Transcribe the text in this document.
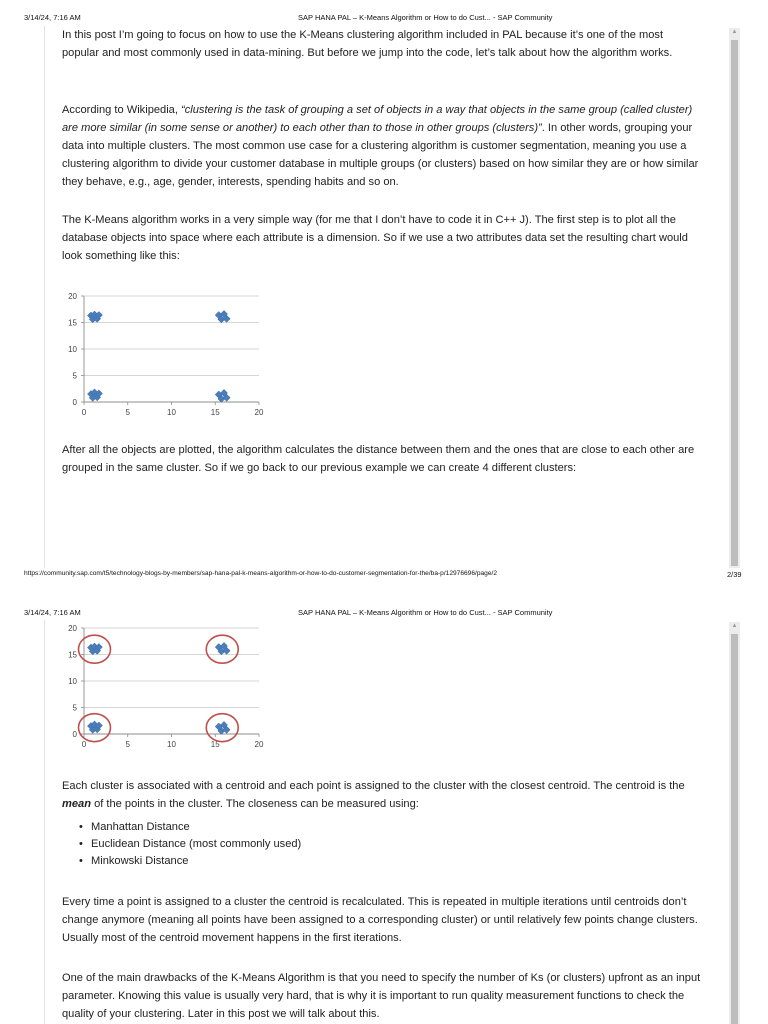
3/14/24, 7:16 AM	SAP HANA PAL – K-Means Algorithm or How to do Cust... - SAP Community
▲
In this post I’m going to focus on how to use the K-Means clustering algorithm included in PAL because it’s one of the most popular and most commonly used in data-mining. But before we jump into the code, let’s talk about how the algorithm works.
According to Wikipedia, “clustering is the task of grouping a set of objects in a way that objects in the same group (called cluster) are more similar (in some sense or another) to each other than to those in other groups (clusters)”. In other words, grouping your data into multiple clusters. The most common use case for a clustering algorithm is customer segmentation, meaning you use a clustering algorithm to divide your customer database in multiple groups (or clusters) based on how similar they are or how similar they behave, e.g., age, gender, interests, spending habits and so on.
The K-Means algorithm works in a very simple way (for me that I don’t have to code it in C++ J). The first step is to plot all the database objects into space where each attribute is a dimension. So if we use a two attributes data set the resulting chart would look something like this:
0
5
10
15
20
0	5	10	15	20
After all the objects are plotted, the algorithm calculates the distance between them and the ones that are close to each other are grouped in the same cluster. So if we go back to our previous example we can create 4 different clusters:
https://community.sap.com/t5/technology-blogs-by-members/sap-hana-pal-k-means-algorithm-or-how-to-do-customer-segmentation-for-the/ba-p/12976696/page/2	2/39
3/14/24, 7:16 AM	SAP HANA PAL – K-Means Algorithm or How to do Cust... - SAP Community
▲
0
5
10
15
20
0	5	10	15	20
Each cluster is associated with a centroid and each point is assigned to the cluster with the closest centroid. The centroid is the mean of the points in the cluster. The closeness can be measured using:
• Manhattan Distance
• Euclidean Distance (most commonly used)
• Minkowski Distance
Every time a point is assigned to a cluster the centroid is recalculated. This is repeated in multiple iterations until centroids don’t change anymore (meaning all points have been assigned to a corresponding cluster) or until relatively few points change clusters. Usually most of the centroid movement happens in the first iterations.
One of the main drawbacks of the K-Means Algorithm is that you need to specify the number of Ks (or clusters) upfront as an input parameter. Knowing this value is usually very hard, that is why it is important to run quality measurement functions to check the quality of your clustering. Later in this post we will talk about this.
